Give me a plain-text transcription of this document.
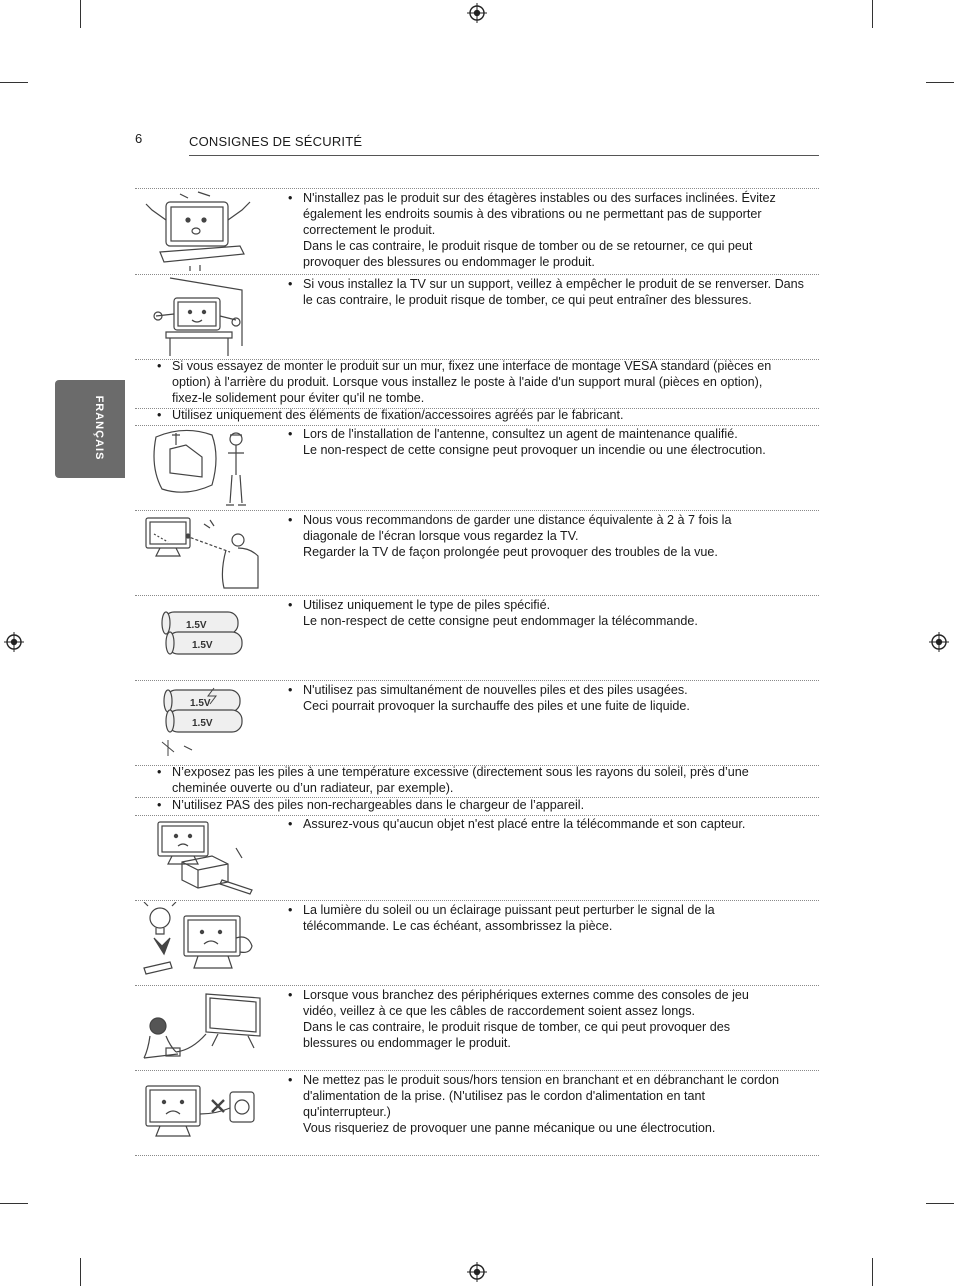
6	CONSIGNES DE SÉCURITÉ
FRANÇAIS
1.5V
1.5V
1.5V
1.5V
• N'installez pas le produit sur des étagères instables ou des surfaces inclinées. Évitez également les endroits soumis à des vibrations ou ne permettant pas de supporter correctement le produit.

Dans le cas contraire, le produit risque de tomber ou de se retourner, ce qui peut provoquer des blessures ou endommager le produit.

• Si vous installez la TV sur un support, veillez à empêcher le produit de se renverser. Dans le cas contraire, le produit risque de tomber, ce qui peut entraîner des blessures.

• Si vous essayez de monter le produit sur un mur, fixez une interface de montage VESA standard (pièces en option) à l'arrière du produit. Lorsque vous installez le poste à l'aide d'un support mural (pièces en option), fixez-le solidement pour éviter qu'il ne tombe.

• Utilisez uniquement des éléments de fixation/accessoires agréés par le fabricant.

• Lors de l'installation de l'antenne, consultez un agent de maintenance qualifié.

Le non-respect de cette consigne peut provoquer un incendie ou une électrocution.

• Nous vous recommandons de garder une distance équivalente à 2 à 7 fois la diagonale de l'écran lorsque vous regardez la TV.

Regarder la TV de façon prolongée peut provoquer des troubles de la vue.

• Utilisez uniquement le type de piles spécifié.

Le non-respect de cette consigne peut endommager la télécommande.

• N'utilisez pas simultanément de nouvelles piles et des piles usagées.

Ceci pourrait provoquer la surchauffe des piles et une fuite de liquide.

• N’exposez pas les piles à une température excessive (directement sous les rayons du soleil, près d’une cheminée ouverte ou d’un radiateur, par exemple).

• N’utilisez PAS des piles non-rechargeables dans le chargeur de l’appareil.

• Assurez-vous qu'aucun objet n'est placé entre la télécommande et son capteur.

• La lumière du soleil ou un éclairage puissant peut perturber le signal de la télécommande. Le cas échéant, assombrissez la pièce.

• Lorsque vous branchez des périphériques externes comme des consoles de jeu vidéo, veillez à ce que les câbles de raccordement soient assez longs.

Dans le cas contraire, le produit risque de tomber, ce qui peut provoquer des blessures ou endommager le produit.

• Ne mettez pas le produit sous/hors tension en branchant et en débranchant le cordon d'alimentation de la prise. (N'utilisez pas le cordon d'alimentation en tant qu'interrupteur.)

Vous risqueriez de provoquer une panne mécanique ou une électrocution.
